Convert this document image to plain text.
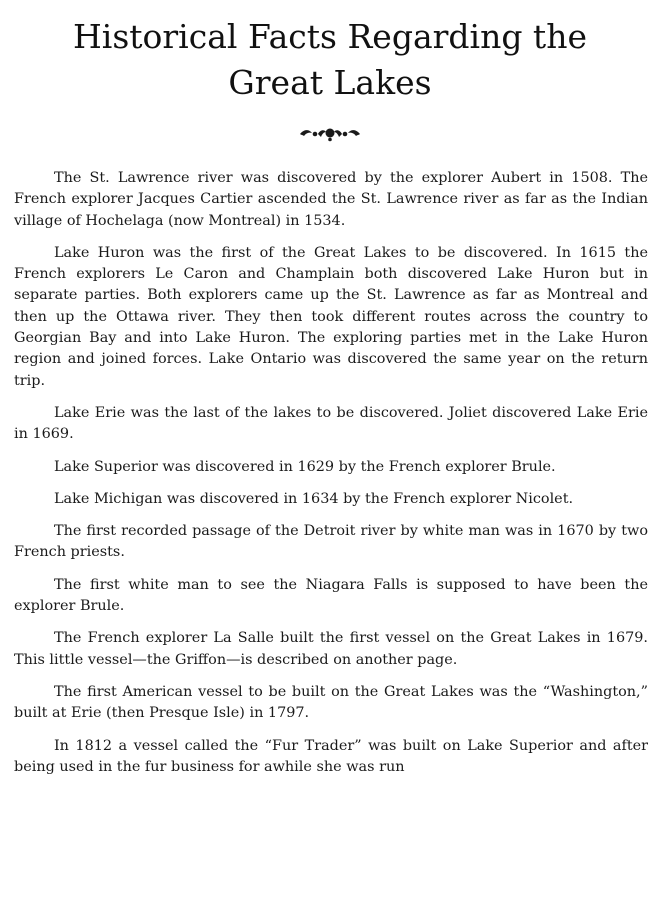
Historical Facts Regarding the
Great Lakes

The St. Lawrence river was discovered by the explorer Aubert in 1508. The French explorer Jacques Cartier ascended the St. Lawrence river as far as the Indian village of Hochelaga (now Montreal) in 1534.

Lake Huron was the first of the Great Lakes to be discovered. In 1615 the French explorers Le Caron and Champlain both discovered Lake Huron but in separate parties. Both explorers came up the St. Lawrence as far as Montreal and then up the Ottawa river. They then took different routes across the country to Georgian Bay and into Lake Huron. The exploring parties met in the Lake Huron region and joined forces. Lake Ontario was discovered the same year on the return trip.

Lake Erie was the last of the lakes to be discovered. Joliet discovered Lake Erie in 1669.

Lake Superior was discovered in 1629 by the French explorer Brule.

Lake Michigan was discovered in 1634 by the French explorer Nicolet.

The first recorded passage of the Detroit river by white man was in 1670 by two French priests.

The first white man to see the Niagara Falls is supposed to have been the explorer Brule.

The French explorer La Salle built the first vessel on the Great Lakes in 1679. This little vessel—the Griffon—is described on another page.

The first American vessel to be built on the Great Lakes was the “Washington,” built at Erie (then Presque Isle) in 1797.

In 1812 a vessel called the “Fur Trader” was built on Lake Superior and after being used in the fur business for awhile she was run
